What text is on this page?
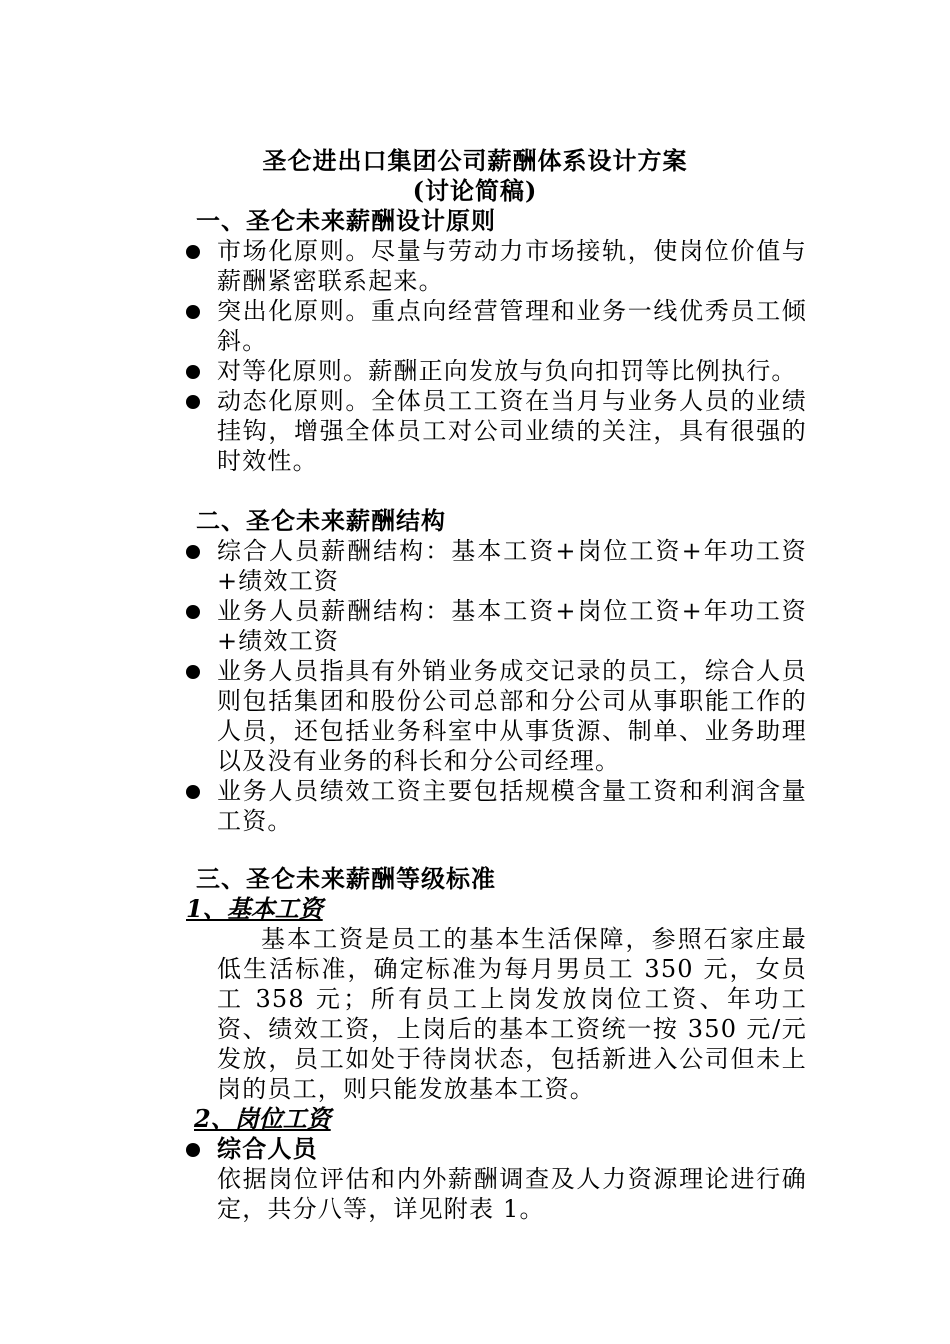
圣仑进出口集团公司薪酬体系设计方案
(讨论简稿)
一、圣仑未来薪酬设计原则
市场化原则。尽量与劳动力市场接轨，使岗位价值与薪酬紧密联系起来。
突出化原则。重点向经营管理和业务一线优秀员工倾斜。
对等化原则。薪酬正向发放与负向扣罚等比例执行。
动态化原则。全体员工工资在当月与业务人员的业绩挂钩，增强全体员工对公司业绩的关注，具有很强的时效性。
二、圣仑未来薪酬结构
综合人员薪酬结构：基本工资+岗位工资+年功工资+绩效工资
业务人员薪酬结构：基本工资+岗位工资+年功工资+绩效工资
业务人员指具有外销业务成交记录的员工，综合人员则包括集团和股份公司总部和分公司从事职能工作的人员，还包括业务科室中从事货源、制单、业务助理以及没有业务的科长和分公司经理。
业务人员绩效工资主要包括规模含量工资和利润含量工资。
三、圣仑未来薪酬等级标准
1、基本工资
基本工资是员工的基本生活保障，参照石家庄最低生活标准，确定标准为每月男员工 350 元，女员工 358 元；所有员工上岗发放岗位工资、年功工资、绩效工资，上岗后的基本工资统一按 350 元/元发放，员工如处于待岗状态，包括新进入公司但未上岗的员工，则只能发放基本工资。
2、岗位工资
综合人员
依据岗位评估和内外薪酬调查及人力资源理论进行确定，共分八等，详见附表 1。
